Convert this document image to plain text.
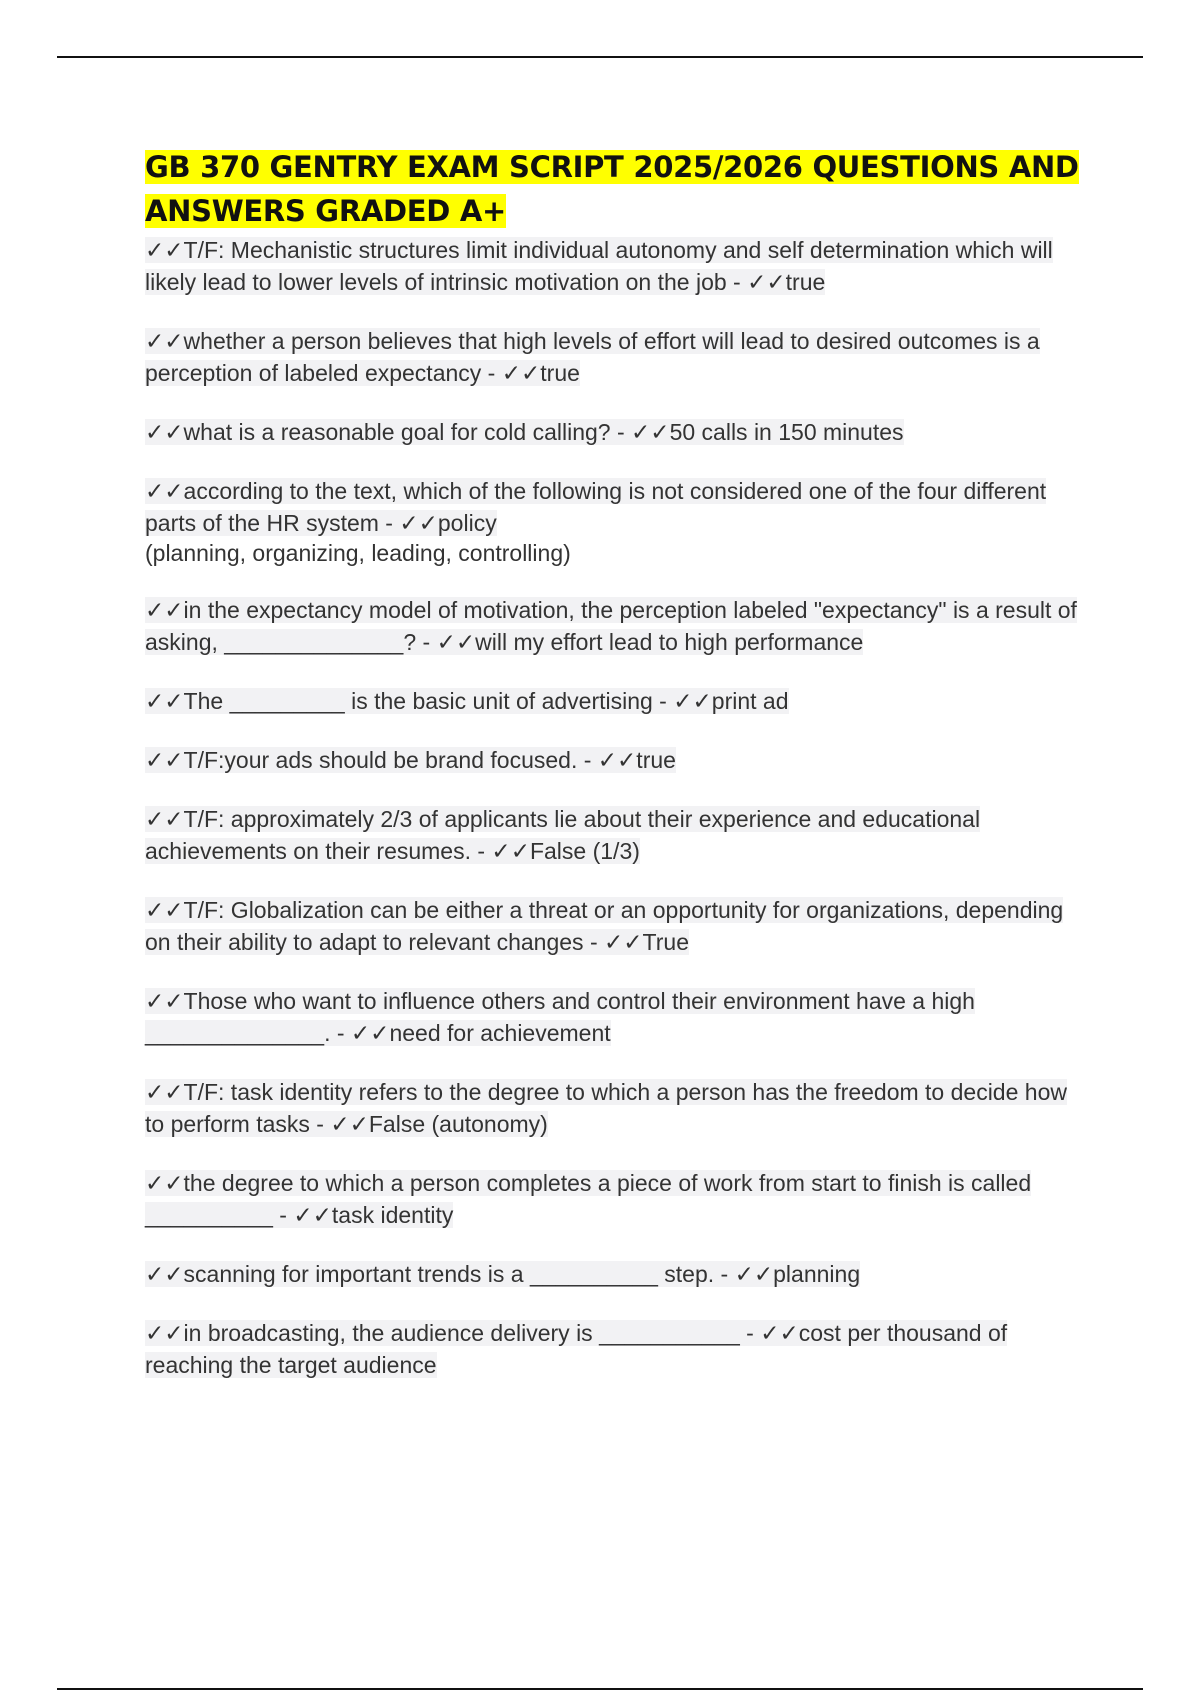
GB 370 GENTRY EXAM SCRIPT 2025/2026 QUESTIONS AND ANSWERS GRADED A+
✓✓T/F: Mechanistic structures limit individual autonomy and self determination which will likely lead to lower levels of intrinsic motivation on the job - ✓✓true
✓✓whether a person believes that high levels of effort will lead to desired outcomes is a perception of labeled expectancy - ✓✓true
✓✓what is a reasonable goal for cold calling? - ✓✓50 calls in 150 minutes
✓✓according to the text, which of the following is not considered one of the four different parts of the HR system - ✓✓policy
(planning, organizing, leading, controlling)
✓✓in the expectancy model of motivation, the perception labeled "expectancy" is a result of asking, ______________? - ✓✓will my effort lead to high performance
✓✓The _________ is the basic unit of advertising - ✓✓print ad
✓✓T/F:your ads should be brand focused. - ✓✓true
✓✓T/F: approximately 2/3 of applicants lie about their experience and educational achievements on their resumes. - ✓✓False (1/3)
✓✓T/F: Globalization can be either a threat or an opportunity for organizations, depending on their ability to adapt to relevant changes - ✓✓True
✓✓Those who want to influence others and control their environment have a high ______________. - ✓✓need for achievement
✓✓T/F: task identity refers to the degree to which a person has the freedom to decide how to perform tasks - ✓✓False (autonomy)
✓✓the degree to which a person completes a piece of work from start to finish is called __________ - ✓✓task identity
✓✓scanning for important trends is a __________ step. - ✓✓planning
✓✓in broadcasting, the audience delivery is ___________ - ✓✓cost per thousand of reaching the target audience
